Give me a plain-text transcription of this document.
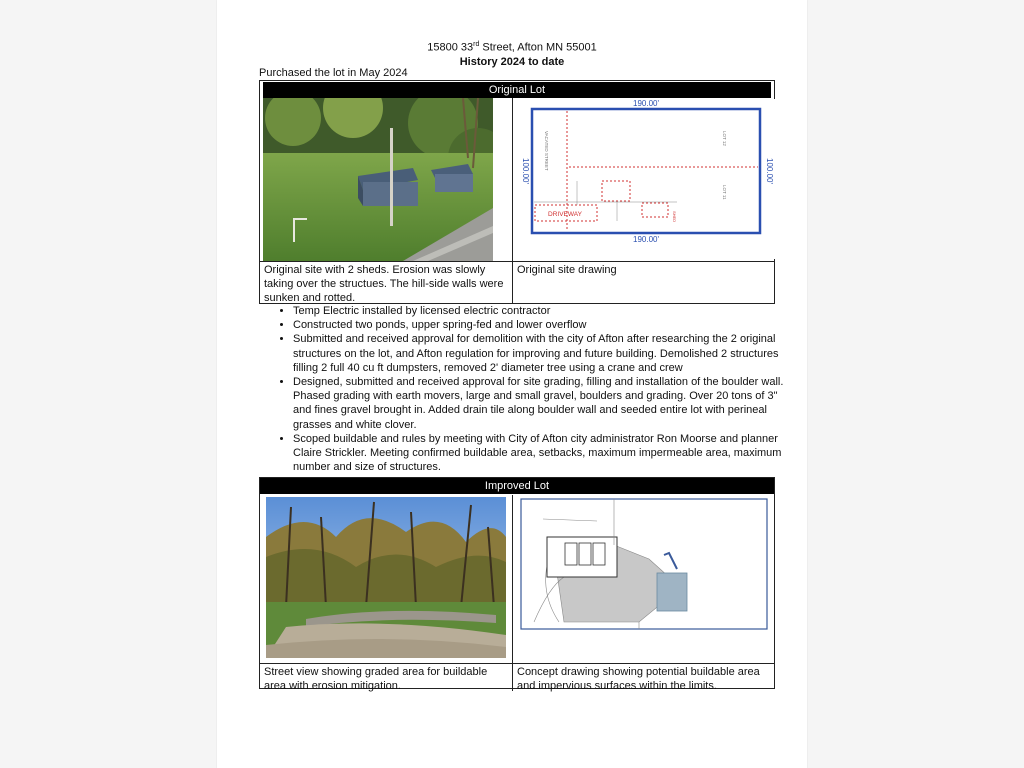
15800 33rd Street, Afton MN 55001
History 2024 to date
Purchased the lot in May 2024
Original Lot
190.00'
190.00'
100.00'	100.00'
VACATED STREET	LOT 12
LOT 11
DRIVEWAY	SHED
Original site with 2 sheds. Erosion was slowly taking over the structues. The hill-side walls were sunken and rotted.
Original site drawing
• Temp Electric installed by licensed electric contractor
• Constructed two ponds, upper spring-fed and lower overflow
• Submitted and received approval for demolition with the city of Afton after researching the 2 original structures on the lot, and Afton regulation for improving and future building. Demolished 2 structures filling 2 full 40 cu ft dumpsters, removed 2' diameter tree using a crane and crew
• Designed, submitted and received approval for site grading, filling and installation of the boulder wall. Phased grading with earth movers, large and small gravel, boulders and grading. Over 20 tons of 3" and fines gravel brought in. Added drain tile along boulder wall and seeded entire lot with perineal grasses and white clover.
• Scoped buildable and rules by meeting with City of Afton city administrator Ron Moorse and planner Claire Strickler. Meeting confirmed buildable area, setbacks, maximum impermeable area, maximum number and size of structures.
Improved Lot
Street view showing graded area for buildable area with erosion mitigation.
Concept drawing showing potential buildable area and impervious surfaces within the limits.
